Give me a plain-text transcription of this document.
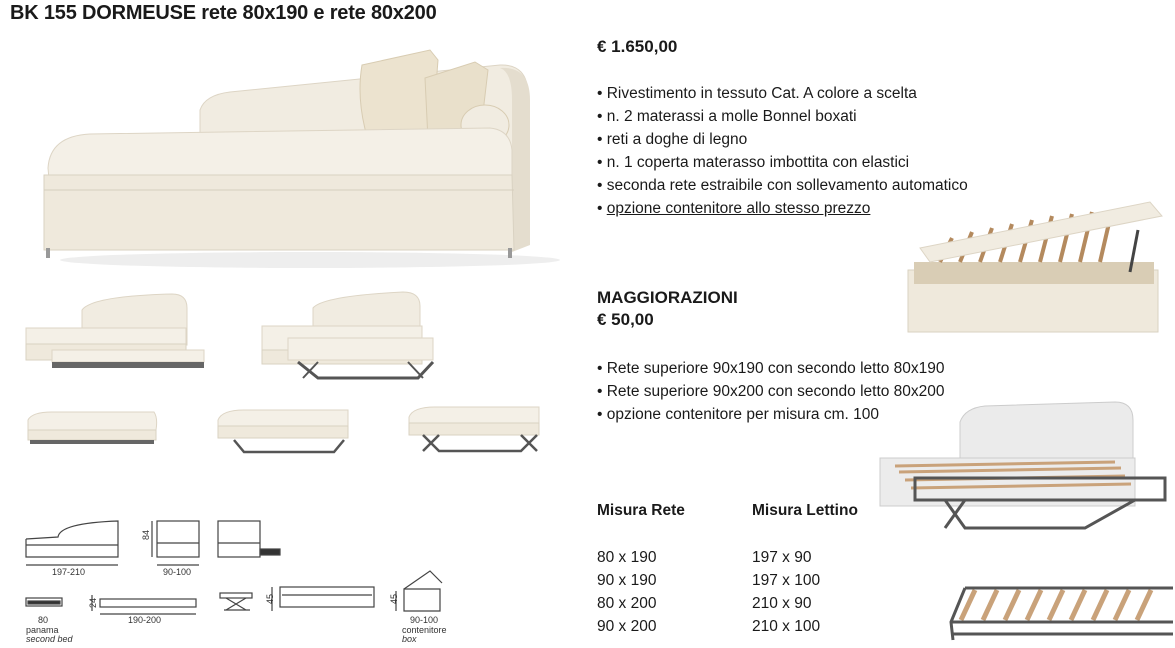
BK 155 DORMEUSE rete 80x190 e rete 80x200
197-210
84
90-100
80
panama
second bed
24
190-200
45	45
90-100
contenitore
box
€ 1.650,00
• Rivestimento in tessuto Cat. A colore a scelta
• n. 2 materassi a molle Bonnel boxati
• reti a doghe di legno
• n. 1 coperta materasso imbottita con elastici
• seconda rete estraibile con sollevamento automatico
• opzione contenitore allo stesso prezzo
MAGGIORAZIONI
€ 50,00
• Rete superiore 90x190 con secondo letto 80x190
• Rete superiore 90x200 con secondo letto 80x200
• opzione contenitore per misura cm. 100
Misura Rete	Misura Lettino
80 x 190
90 x 190
80 x 200
90 x 200
197 x 90
197 x 100
210 x 90
210 x 100
